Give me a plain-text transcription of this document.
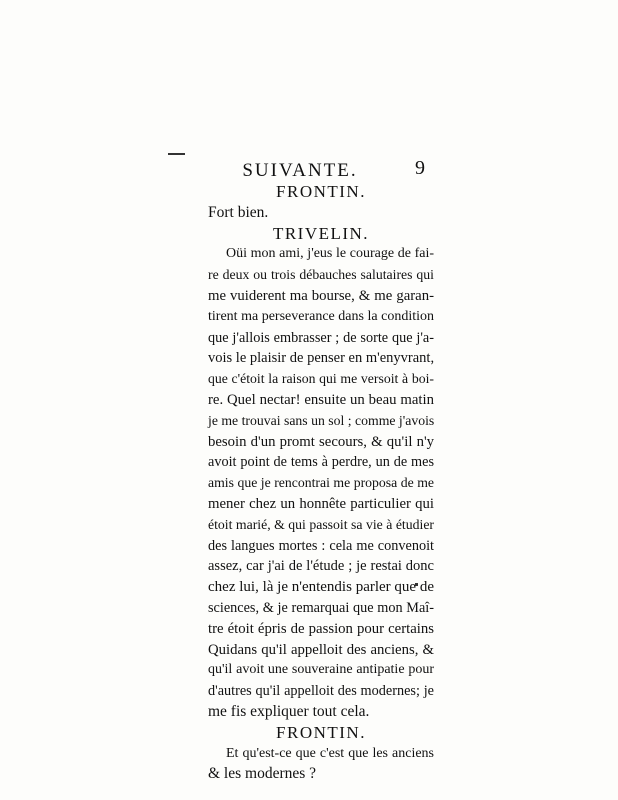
SUIVANTE.	9
FRONTIN.
Fort bien.
TRIVELIN.
Oüi mon ami, j'eus le courage de fai-
re deux ou trois débauches salutaires qui
me vuiderent ma bourse, & me garan-
tirent ma perseverance dans la condition
que j'allois embrasser ; de sorte que j'a-
vois le plaisir de penser en m'enyvrant,
que c'étoit la raison qui me versoit à boi-
re. Quel nectar! ensuite un beau matin
je me trouvai sans un sol ; comme j'avois
besoin d'un promt secours, & qu'il n'y
avoit point de tems à perdre, un de mes
amis que je rencontrai me proposa de me
mener chez un honnête particulier qui
étoit marié, & qui passoit sa vie à étudier
des langues mortes : cela me convenoit
assez, car j'ai de l'étude ; je restai donc
chez lui, là je n'entendis parler que de
sciences, & je remarquai que mon Maî-
tre étoit épris de passion pour certains
Quidans qu'il appelloit des anciens, &
qu'il avoit une souveraine antipatie pour
d'autres qu'il appelloit des modernes; je
me fis expliquer tout cela.
FRONTIN.
Et qu'est-ce que c'est que les anciens
& les modernes ?
